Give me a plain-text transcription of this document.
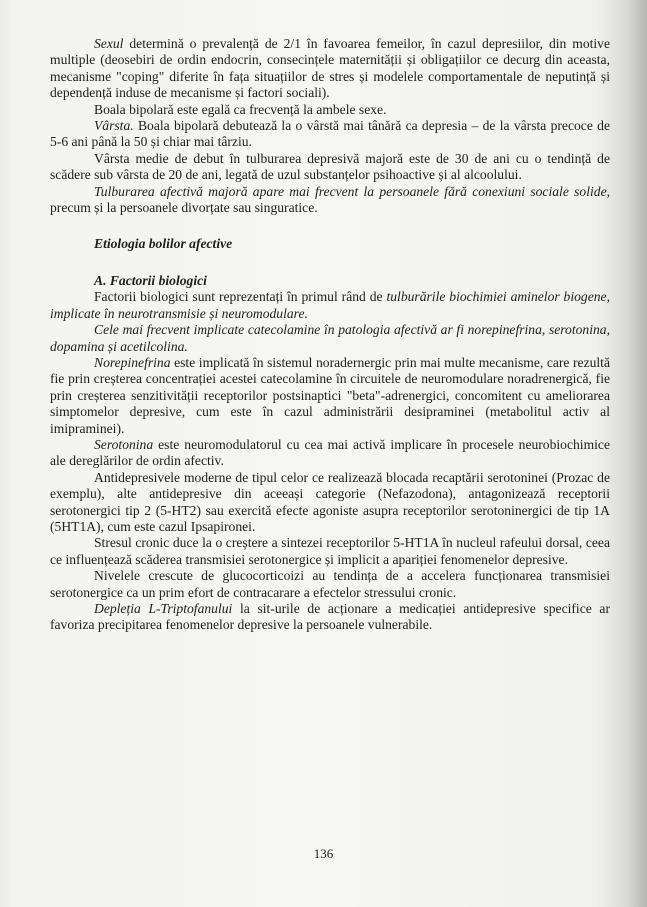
Sexul determină o prevalență de 2/1 în favoarea femeilor, în cazul depresiilor, din motive multiple (deosebiri de ordin endocrin, consecințele maternității și obligațiilor ce decurg din aceasta, mecanisme "coping" diferite în fața situațiilor de stres și modelele comportamentale de neputință și dependență induse de mecanisme și factori sociali).

Boala bipolară este egală ca frecvență la ambele sexe.

Vârsta. Boala bipolară debutează la o vârstă mai tânără ca depresia – de la vârsta precoce de 5-6 ani până la 50 și chiar mai târziu.

Vârsta medie de debut în tulburarea depresivă majoră este de 30 de ani cu o tendință de scădere sub vârsta de 20 de ani, legată de uzul substanțelor psihoactive și al alcoolului.

Tulburarea afectivă majoră apare mai frecvent la persoanele fără conexiuni sociale solide, precum și la persoanele divorțate sau singuratice.

Etiologia bolilor afective

A. Factorii biologici

Factorii biologici sunt reprezentați în primul rând de tulburările biochimiei aminelor biogene, implicate în neurotransmisie și neuromodulare.

Cele mai frecvent implicate catecolamine în patologia afectivă ar fi norepinefrina, serotonina, dopamina și acetilcolina.

Norepinefrina este implicată în sistemul noradernergic prin mai multe mecanisme, care rezultă fie prin creșterea concentrației acestei catecolamine în circuitele de neuromodulare noradrenergică, fie prin creșterea senzitivității receptorilor postsinaptici "beta"-adrenergici, concomitent cu ameliorarea simptomelor depresive, cum este în cazul administrării desipraminei (metabolitul activ al imipraminei).

Serotonina este neuromodulatorul cu cea mai activă implicare în procesele neurobiochimice ale dereglărilor de ordin afectiv.

Antidepresivele moderne de tipul celor ce realizează blocada recaptării serotoninei (Prozac de exemplu), alte antidepresive din aceeași categorie (Nefazodona), antagonizează receptorii serotonergici tip 2 (5-HT2) sau exercită efecte agoniste asupra receptorilor serotoninergici de tip 1A (5HT1A), cum este cazul Ipsapironei.

Stresul cronic duce la o creștere a sintezei receptorilor 5-HT1A în nucleul rafeului dorsal, ceea ce influențează scăderea transmisiei serotonergice și implicit a apariției fenomenelor depresive.

Nivelele crescute de glucocorticoizi au tendința de a accelera funcționarea transmisiei serotonergice ca un prim efort de contracarare a efectelor stressului cronic.

Depleția L-Triptofanului la sit-urile de acționare a medicației antidepresive specifice ar favoriza precipitarea fenomenelor depresive la persoanele vulnerabile.

136
